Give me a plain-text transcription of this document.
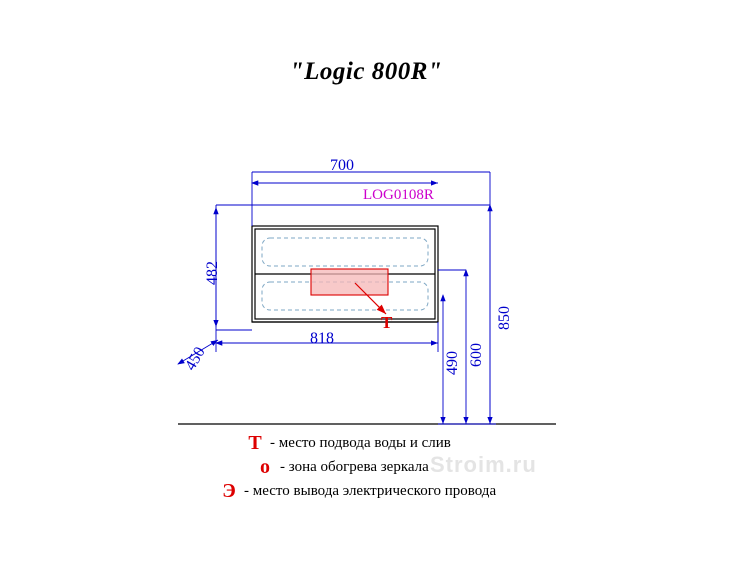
"Logic 800R"
700
818
482
450
850
600
490
LOG0108R
T
Stroim.ru
T - место подвода воды и слив
o - зона обогрева зеркала
Э - место вывода электрического провода
